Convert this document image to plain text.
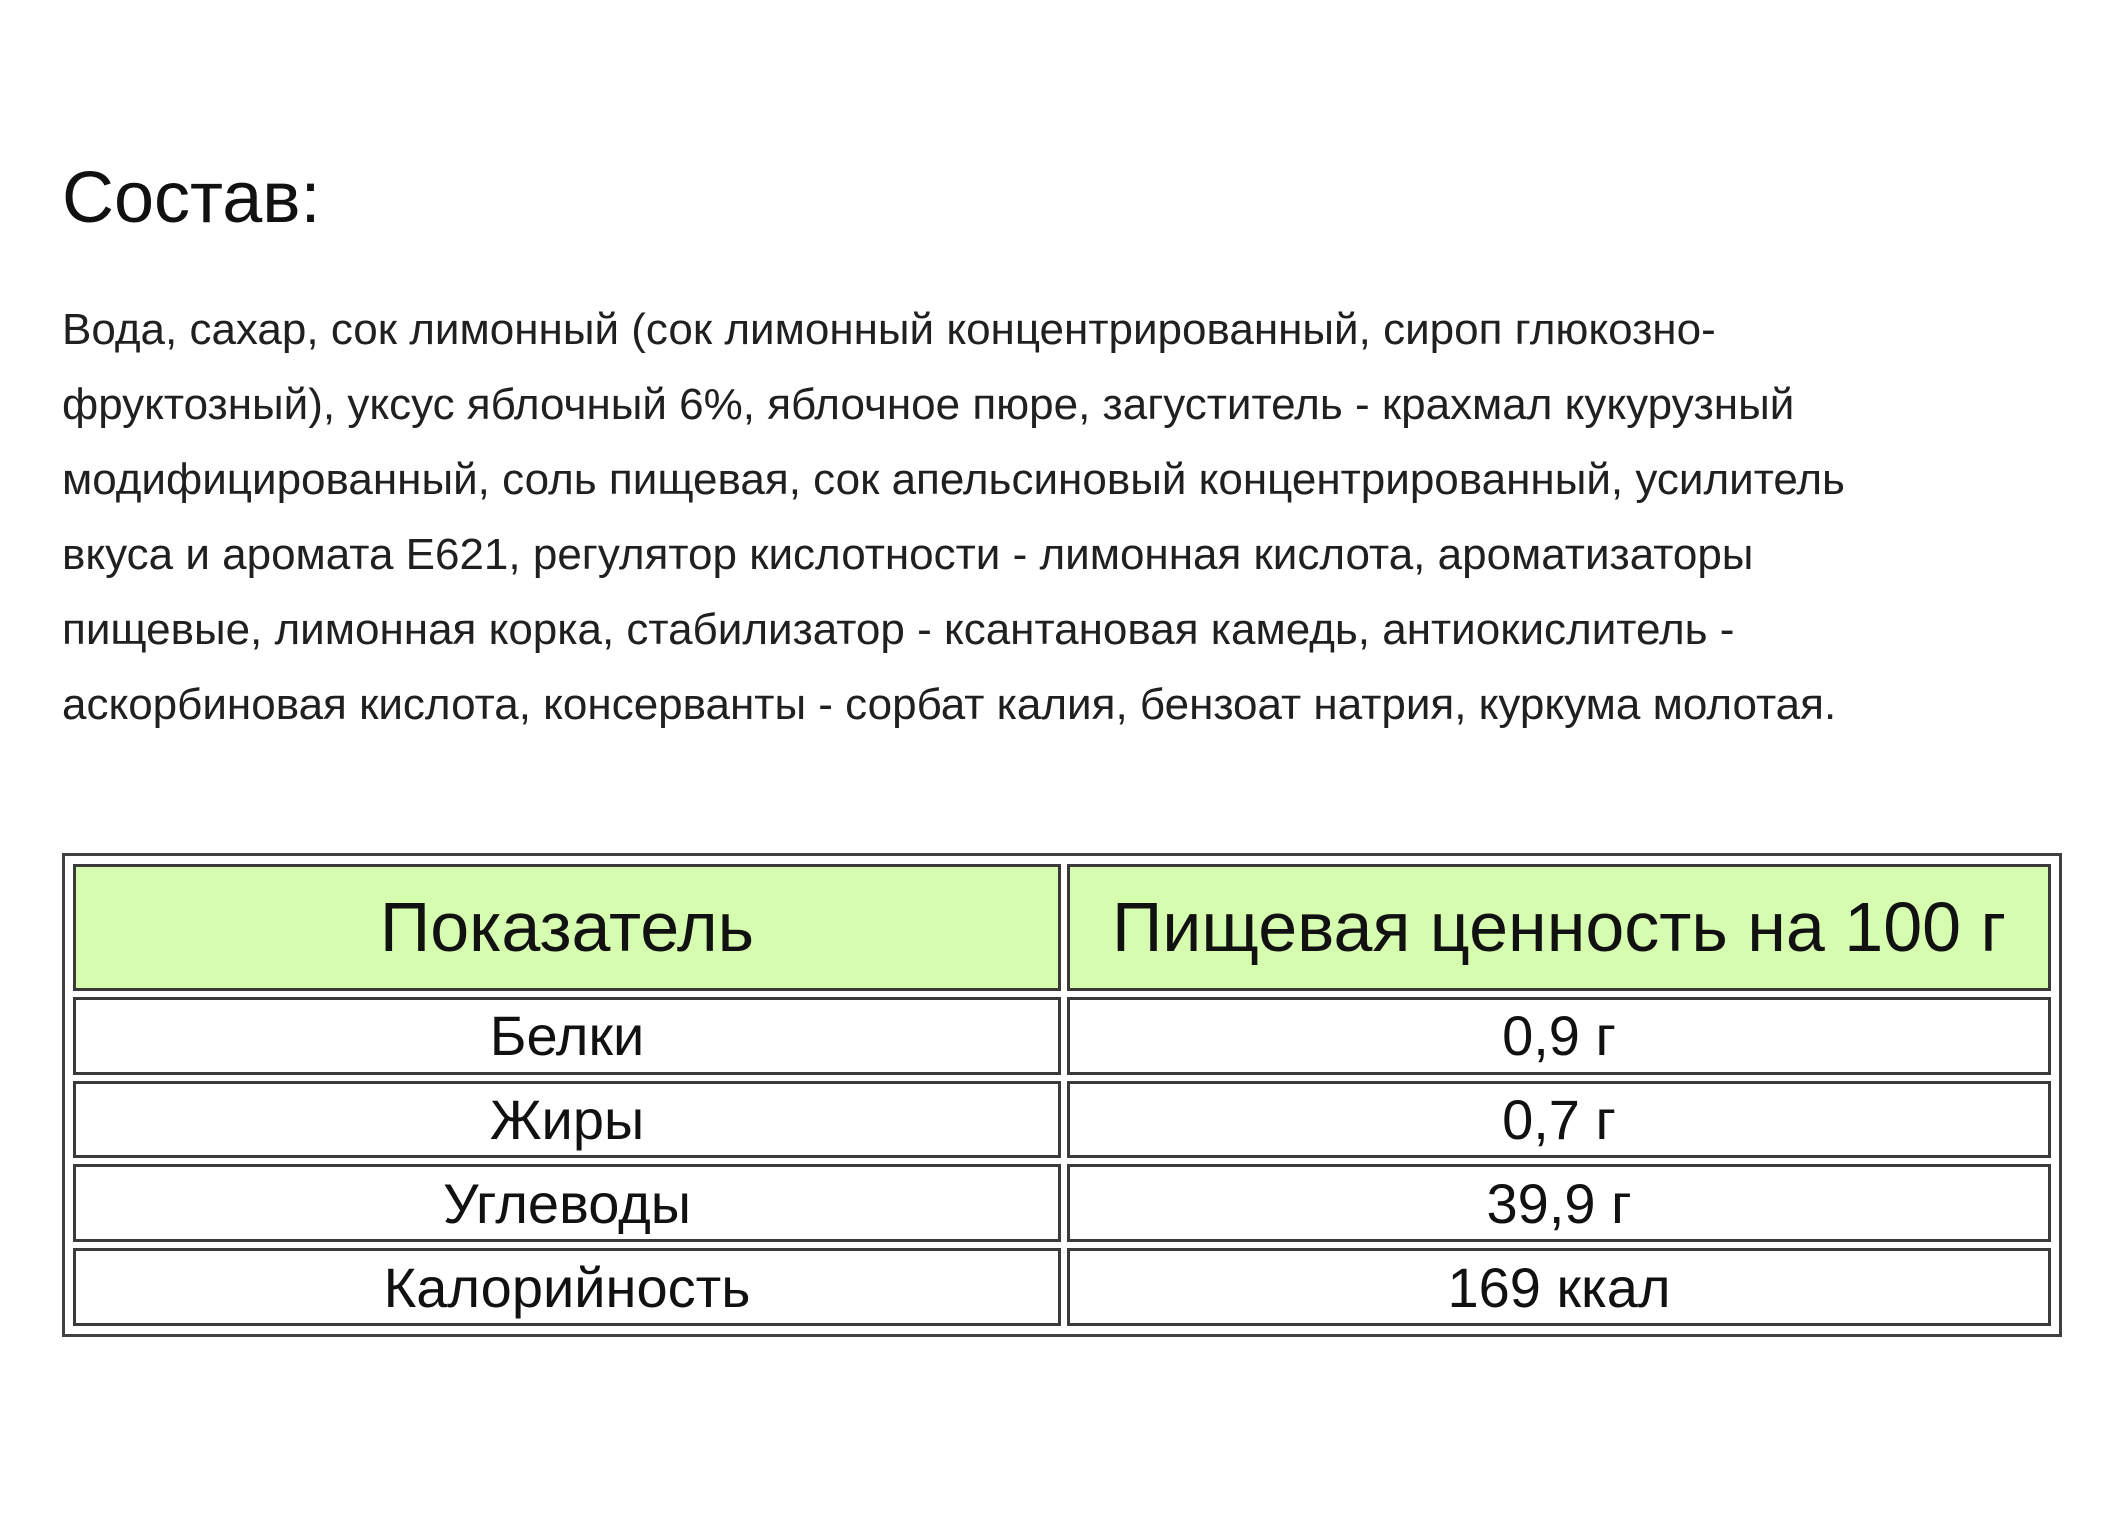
Состав:

Вода, сахар, сок лимонный (сок лимонный концентрированный, сироп глюкозно-
фруктозный), уксус яблочный 6%, яблочное пюре, загуститель - крахмал кукурузный
модифицированный, соль пищевая, сок апельсиновый концентрированный, усилитель
вкуса и аромата Е621, регулятор кислотности - лимонная кислота, ароматизаторы
пищевые, лимонная корка, стабилизатор - ксантановая камедь, антиокислитель -
аскорбиновая кислота, консерванты - сорбат калия, бензоат натрия, куркума молотая.

Показатель	Пищевая ценность на 100 г
Белки	0,9 г
Жиры	0,7 г
Углеводы	39,9 г
Калорийность	169 ккал
